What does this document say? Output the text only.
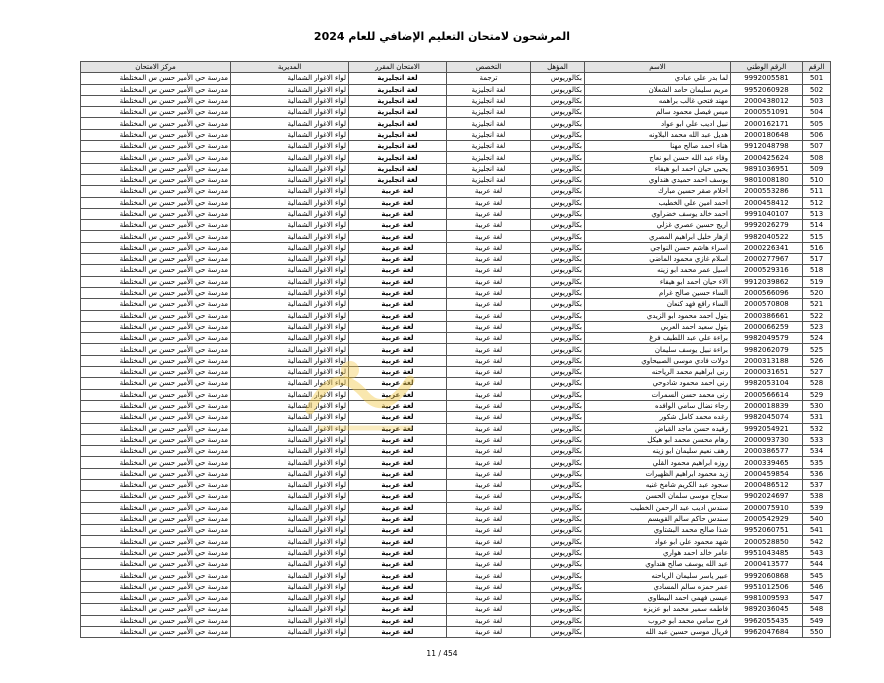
المرشحون لامتحان التعليم الإضافي للعام 2024
الرقم	الرقم الوطني	الاسم	المؤهل	التخصص	الامتحان المقرر	المديرية	مركز الامتحان
501	9992005581	لما بدر علي عبادي	بكالوريوس	ترجمة	لغة انجليزية	لواء الاغوار الشمالية	مدرسة حي الأمير حسن س المختلطة
502	9952060928	مريم سليمان حامد الشعلان	بكالوريوس	لغة انجليزية	لغة انجليزية	لواء الاغوار الشمالية	مدرسة حي الأمير حسن س المختلطة
503	2000438012	مهند فتحي غالب براهمه	بكالوريوس	لغة انجليزية	لغة انجليزية	لواء الاغوار الشمالية	مدرسة حي الأمير حسن س المختلطة
504	2000551091	ميس فيصل محمود سالم	بكالوريوس	لغة انجليزية	لغة انجليزية	لواء الاغوار الشمالية	مدرسة حي الأمير حسن س المختلطة
505	2000162171	نبيل اديب علي ابو عواد	بكالوريوس	لغة انجليزية	لغة انجليزية	لواء الاغوار الشمالية	مدرسة حي الأمير حسن س المختلطة
506	2000180648	هديل عبد الله محمد البلاونه	بكالوريوس	لغة انجليزية	لغة انجليزية	لواء الاغوار الشمالية	مدرسة حي الأمير حسن س المختلطة
507	9912048798	هناء احمد صالح مهنا	بكالوريوس	لغة انجليزية	لغة انجليزية	لواء الاغوار الشمالية	مدرسة حي الأمير حسن س المختلطة
508	2000425624	وفاء عبد الله حسن ابو نعاج	بكالوريوس	لغة انجليزية	لغة انجليزية	لواء الاغوار الشمالية	مدرسة حي الأمير حسن س المختلطة
509	9891036951	يحيى حيان احمد ابو هيفاء	بكالوريوس	لغة انجليزية	لغة انجليزية	لواء الاغوار الشمالية	مدرسة حي الأمير حسن س المختلطة
510	9801008180	يوسف احمد حميدي هنداوي	بكالوريوس	لغة انجليزية	لغة انجليزية	لواء الاغوار الشمالية	مدرسة حي الأمير حسن س المختلطة
511	2000553286	احلام صقر حسين مبارك	بكالوريوس	لغة عربية	لغة عربية	لواء الاغوار الشمالية	مدرسة حي الأمير حسن س المختلطة
512	2000458412	احمد امين علي الخطيب	بكالوريوس	لغة عربية	لغة عربية	لواء الاغوار الشمالية	مدرسة حي الأمير حسن س المختلطة
513	9991040107	احمد خالد يوسف خضراوي	بكالوريوس	لغة عربية	لغة عربية	لواء الاغوار الشمالية	مدرسة حي الأمير حسن س المختلطة
514	9992026279	اريج حسين عصري غزلي	بكالوريوس	لغة عربية	لغة عربية	لواء الاغوار الشمالية	مدرسة حي الأمير حسن س المختلطة
515	9982040522	ازهار خليل ابراهيم المصري	بكالوريوس	لغة عربية	لغة عربية	لواء الاغوار الشمالية	مدرسة حي الأمير حسن س المختلطة
516	2000226341	اسراء هاشم حسن النواجي	بكالوريوس	لغة عربية	لغة عربية	لواء الاغوار الشمالية	مدرسة حي الأمير حسن س المختلطة
517	2000277967	اسلام غازي محمود الماضي	بكالوريوس	لغة عربية	لغة عربية	لواء الاغوار الشمالية	مدرسة حي الأمير حسن س المختلطة
518	2000529316	اسيل عمر محمد ابو زينه	بكالوريوس	لغة عربية	لغة عربية	لواء الاغوار الشمالية	مدرسة حي الأمير حسن س المختلطة
519	9912039862	الاء حيان احمد ابو هيفاء	بكالوريوس	لغة عربية	لغة عربية	لواء الاغوار الشمالية	مدرسة حي الأمير حسن س المختلطة
520	2000566096	الساء حسين صالح غرام	بكالوريوس	لغة عربية	لغة عربية	لواء الاغوار الشمالية	مدرسة حي الأمير حسن س المختلطة
521	2000570808	الساء رافع فهد كنعان	بكالوريوس	لغة عربية	لغة عربية	لواء الاغوار الشمالية	مدرسة حي الأمير حسن س المختلطة
522	2000386661	بتول احمد محمود ابو الزيدي	بكالوريوس	لغة عربية	لغة عربية	لواء الاغوار الشمالية	مدرسة حي الأمير حسن س المختلطة
523	2000066259	بتول سعيد احمد العربي	بكالوريوس	لغة عربية	لغة عربية	لواء الاغوار الشمالية	مدرسة حي الأمير حسن س المختلطة
524	9982049579	براءة علي عبد اللطيف فرغ	بكالوريوس	لغة عربية	لغة عربية	لواء الاغوار الشمالية	مدرسة حي الأمير حسن س المختلطة
525	9982062079	براءة نبيل يوسف سليمان	بكالوريوس	لغة عربية	لغة عربية	لواء الاغوار الشمالية	مدرسة حي الأمير حسن س المختلطة
526	2000313188	دولات فادي موسى الصبيحاوي	بكالوريوس	لغة عربية	لغة عربية	لواء الاغوار الشمالية	مدرسة حي الأمير حسن س المختلطة
527	2000031651	رنى ابراهيم محمد الرياحنه	بكالوريوس	لغة عربية	لغة عربية	لواء الاغوار الشمالية	مدرسة حي الأمير حسن س المختلطة
528	9982053104	رنى احمد محمود شادوحي	بكالوريوس	لغة عربية	لغة عربية	لواء الاغوار الشمالية	مدرسة حي الأمير حسن س المختلطة
529	2000566614	رنى محمد حسن السمرات	بكالوريوس	لغة عربية	لغة عربية	لواء الاغوار الشمالية	مدرسة حي الأمير حسن س المختلطة
530	2000018839	رجاء نضال سامي الوافده	بكالوريوس	لغة عربية	لغة عربية	لواء الاغوار الشمالية	مدرسة حي الأمير حسن س المختلطة
531	9982045074	رغده محمد كامل شكور	بكالوريوس	لغة عربية	لغة عربية	لواء الاغوار الشمالية	مدرسة حي الأمير حسن س المختلطة
532	9992054921	رفيده حسن ماجد القياض	بكالوريوس	لغة عربية	لغة عربية	لواء الاغوار الشمالية	مدرسة حي الأمير حسن س المختلطة
533	2000093730	رهام محسن محمد ابو هيكل	بكالوريوس	لغة عربية	لغة عربية	لواء الاغوار الشمالية	مدرسة حي الأمير حسن س المختلطة
534	2000386577	رهف نعيم سليمان ابو زينه	بكالوريوس	لغة عربية	لغة عربية	لواء الاغوار الشمالية	مدرسة حي الأمير حسن س المختلطة
535	2000339465	روزه ابراهيم محمود القلي	بكالوريوس	لغة عربية	لغة عربية	لواء الاغوار الشمالية	مدرسة حي الأمير حسن س المختلطة
536	2000459854	زيد محمود ابراهيم الظهيرات	بكالوريوس	لغة عربية	لغة عربية	لواء الاغوار الشمالية	مدرسة حي الأمير حسن س المختلطة
537	2000486512	سجود عبد الكريم شامخ غنيه	بكالوريوس	لغة عربية	لغة عربية	لواء الاغوار الشمالية	مدرسة حي الأمير حسن س المختلطة
538	9902024697	سجاح موسى سلمان الحسن	بكالوريوس	لغة عربية	لغة عربية	لواء الاغوار الشمالية	مدرسة حي الأمير حسن س المختلطة
539	2000075910	سندس اديب عبد الرحمن الخطيب	بكالوريوس	لغة عربية	لغة عربية	لواء الاغوار الشمالية	مدرسة حي الأمير حسن س المختلطة
540	2000542929	سندس حاكم سالم القويسم	بكالوريوس	لغة عربية	لغة عربية	لواء الاغوار الشمالية	مدرسة حي الأمير حسن س المختلطة
541	9952060751	شذا صالح محمد البشتاوي	بكالوريوس	لغة عربية	لغة عربية	لواء الاغوار الشمالية	مدرسة حي الأمير حسن س المختلطة
542	2000528850	شهد محمود علي ابو عواد	بكالوريوس	لغة عربية	لغة عربية	لواء الاغوار الشمالية	مدرسة حي الأمير حسن س المختلطة
543	9951043485	عامر خالد احمد هواري	بكالوريوس	لغة عربية	لغة عربية	لواء الاغوار الشمالية	مدرسة حي الأمير حسن س المختلطة
544	2000413577	عبد الله يوسف صالح هنداوي	بكالوريوس	لغة عربية	لغة عربية	لواء الاغوار الشمالية	مدرسة حي الأمير حسن س المختلطة
545	9992060868	عبير ياسر سليمان الرياحنه	بكالوريوس	لغة عربية	لغة عربية	لواء الاغوار الشمالية	مدرسة حي الأمير حسن س المختلطة
546	9951012506	عمر حمزه سالم المسادي	بكالوريوس	لغة عربية	لغة عربية	لواء الاغوار الشمالية	مدرسة حي الأمير حسن س المختلطة
547	9981009593	عيسى فهمي احمد البيطاوي	بكالوريوس	لغة عربية	لغة عربية	لواء الاغوار الشمالية	مدرسة حي الأمير حسن س المختلطة
548	9892036045	فاطمه سمير محمد ابو عزيزه	بكالوريوس	لغة عربية	لغة عربية	لواء الاغوار الشمالية	مدرسة حي الأمير حسن س المختلطة
549	9962055435	فرح سامي محمد ابو خروب	بكالوريوس	لغة عربية	لغة عربية	لواء الاغوار الشمالية	مدرسة حي الأمير حسن س المختلطة
550	9962047684	فريال موسى حسين عبد الله	بكالوريوس	لغة عربية	لغة عربية	لواء الاغوار الشمالية	مدرسة حي الأمير حسن س المختلطة
11 / 454
